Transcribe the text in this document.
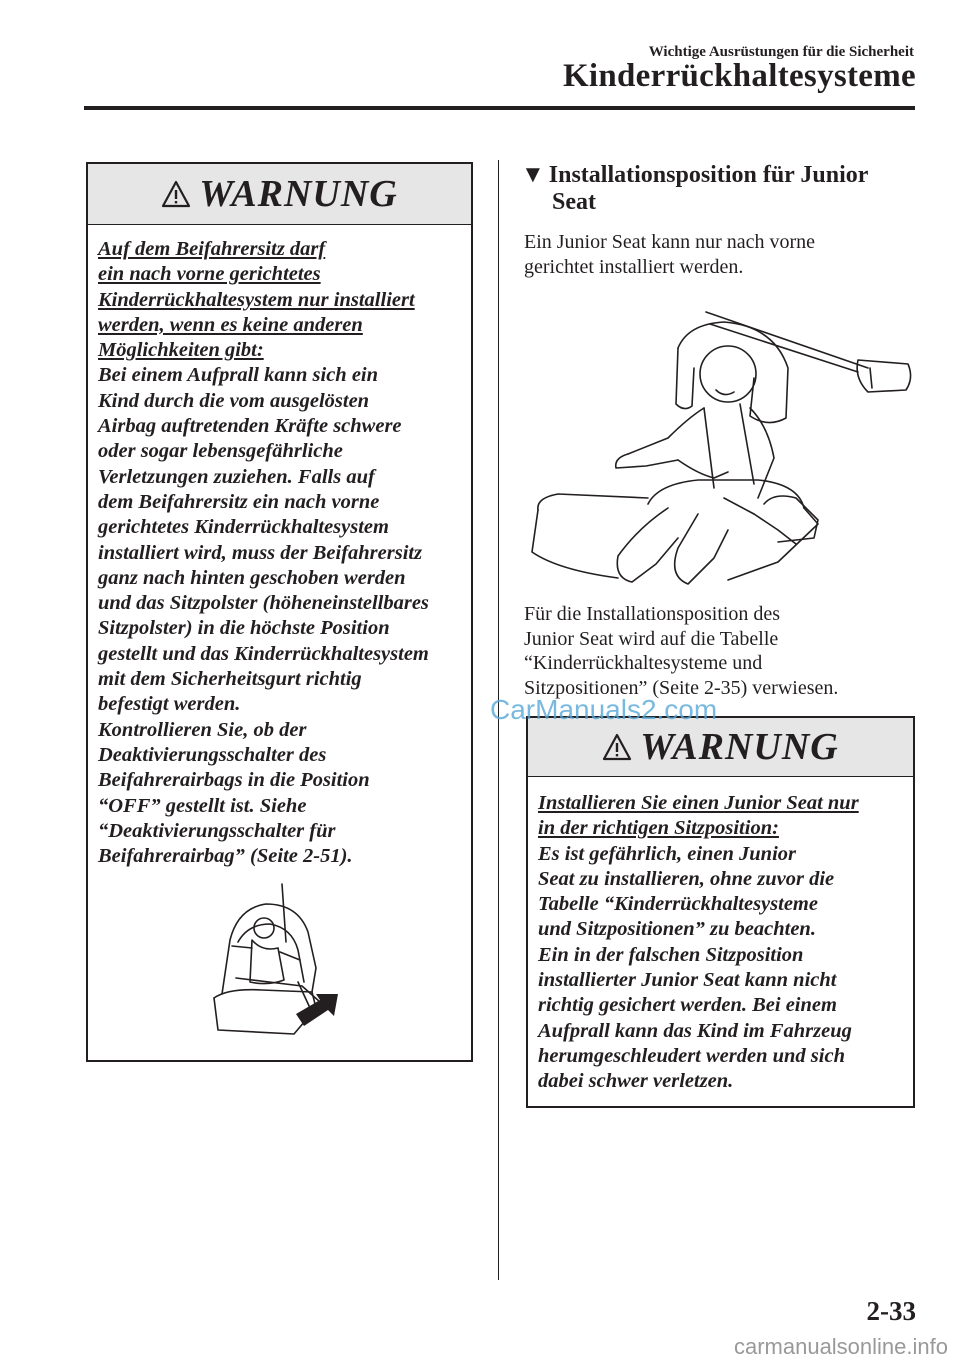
Wichtige Ausrüstungen für die Sicherheit
Kinderrückhaltesysteme
WARNUNG
Auf dem Beifahrersitz darf
ein nach vorne gerichtetes
Kinderrückhaltesystem nur installiert
werden, wenn es keine anderen
Möglichkeiten gibt:
Bei einem Aufprall kann sich ein
Kind durch die vom ausgelösten
Airbag auftretenden Kräfte schwere
oder sogar lebensgefährliche
Verletzungen zuziehen. Falls auf
dem Beifahrersitz ein nach vorne
gerichtetes Kinderrückhaltesystem
installiert wird, muss der Beifahrersitz
ganz nach hinten geschoben werden
und das Sitzpolster (höheneinstellbares
Sitzpolster) in die höchste Position
gestellt und das Kinderrückhaltesystem
mit dem Sicherheitsgurt richtig
befestigt werden.
Kontrollieren Sie, ob der
Deaktivierungsschalter des
Beifahrerairbags in die Position
“OFF” gestellt ist. Siehe
“Deaktivierungsschalter für
Beifahrerairbag” (Seite 2-51).
▼ Installationsposition für Junior
Seat
Ein Junior Seat kann nur nach vorne
gerichtet installiert werden.
Für die Installationsposition des
Junior Seat wird auf die Tabelle
“Kinderrückhaltesysteme und
Sitzpositionen” (Seite 2-35) verwiesen.
WARNUNG
Installieren Sie einen Junior Seat nur
in der richtigen Sitzposition:
Es ist gefährlich, einen Junior
Seat zu installieren, ohne zuvor die
Tabelle “Kinderrückhaltesysteme
und Sitzpositionen” zu beachten.
Ein in der falschen Sitzposition
installierter Junior Seat kann nicht
richtig gesichert werden. Bei einem
Aufprall kann das Kind im Fahrzeug
herumgeschleudert werden und sich
dabei schwer verletzen.
CarManuals2.com
2-33
carmanualsonline.info
